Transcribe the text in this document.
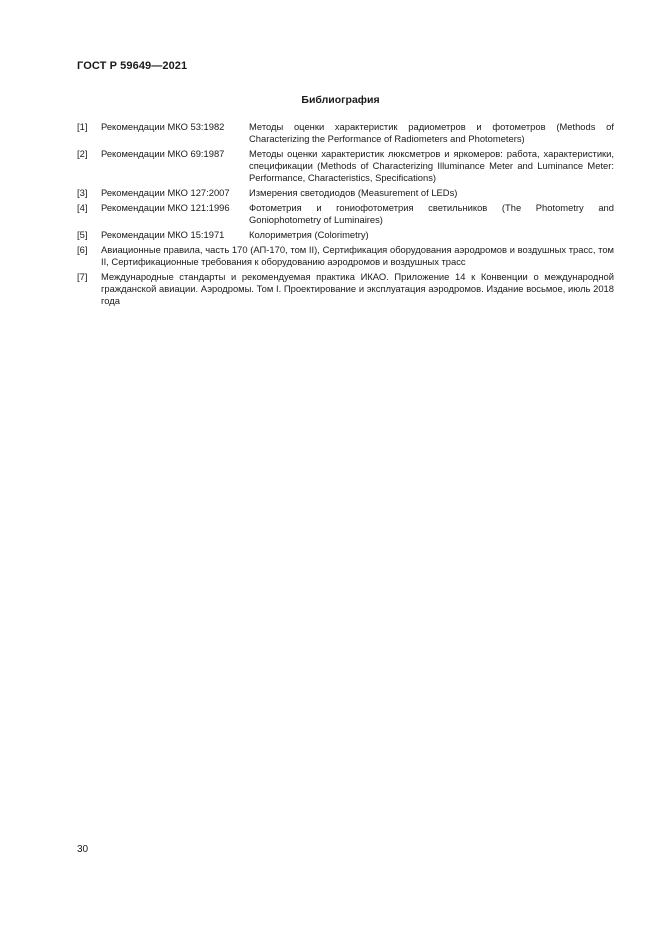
ГОСТ Р 59649—2021
Библиография
[1]	Рекомендации МКО 53:1982	Методы оценки характеристик радиометров и фотометров (Methods of Characterizing the Performance of Radiometers and Photometers)
[2]	Рекомендации МКО 69:1987	Методы оценки характеристик люксметров и яркомеров: работа, характеристики, спецификации (Methods of Characterizing Illuminance Meter and Luminance Meter: Performance, Characteristics, Specifications)
[3]	Рекомендации МКО 127:2007	Измерения светодиодов (Measurement of LEDs)
[4]	Рекомендации МКО 121:1996	Фотометрия и гониофотометрия светильников (The Photometry and Goniophotometry of Luminaires)
[5]	Рекомендации МКО 15:1971	Колориметрия (Colorimetry)
[6]	Авиационные правила, часть 170 (АП-170, том II), Сертификация оборудования аэродромов и воздушных трасс, том II, Сертификационные требования к оборудованию аэродромов и воздушных трасс
[7]	Международные стандарты и рекомендуемая практика ИКАО. Приложение 14 к Конвенции о международной гражданской авиации. Аэродромы. Том I. Проектирование и эксплуатация аэродромов. Издание восьмое, июль 2018 года
30
